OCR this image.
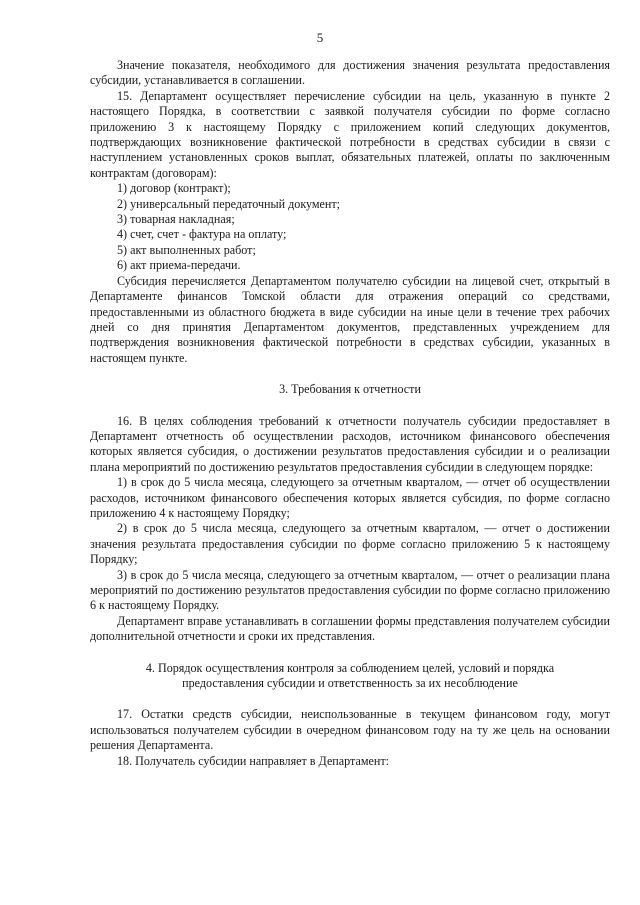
5

Значение показателя, необходимого для достижения значения результата предоставления субсидии, устанавливается в соглашении.

15. Департамент осуществляет перечисление субсидии на цель, указанную в пункте 2 настоящего Порядка, в соответствии с заявкой получателя субсидии по форме согласно приложению 3 к настоящему Порядку с приложением копий следующих документов, подтверждающих возникновение фактической потребности в средствах субсидии в связи с наступлением установленных сроков выплат, обязательных платежей, оплаты по заключенным контрактам (договорам):

1) договор (контракт);

2) универсальный передаточный документ;

3) товарная накладная;

4) счет, счет - фактура на оплату;

5) акт выполненных работ;

6) акт приема-передачи.

Субсидия перечисляется Департаментом получателю субсидии на лицевой счет, открытый в Департаменте финансов Томской области для отражения операций со средствами, предоставленными из областного бюджета в виде субсидии на иные цели в течение трех рабочих дней со дня принятия Департаментом документов, представленных учреждением для подтверждения возникновения фактической потребности в средствах субсидии, указанных в настоящем пункте.

3. Требования к отчетности

16. В целях соблюдения требований к отчетности получатель субсидии предоставляет в Департамент отчетность об осуществлении расходов, источником финансового обеспечения которых является субсидия, о достижении результатов предоставления субсидии и о реализации плана мероприятий по достижению результатов предоставления субсидии в следующем порядке:

1) в срок до 5 числа месяца, следующего за отчетным кварталом, — отчет об осуществлении расходов, источником финансового обеспечения которых является субсидия, по форме согласно приложению 4 к настоящему Порядку;

2) в срок до 5 числа месяца, следующего за отчетным кварталом, — отчет о достижении значения результата предоставления субсидии по форме согласно приложению 5 к настоящему Порядку;

3) в срок до 5 числа месяца, следующего за отчетным кварталом, — отчет о реализации плана мероприятий по достижению результатов предоставления субсидии по форме согласно приложению 6 к настоящему Порядку.

Департамент вправе устанавливать в соглашении формы представления получателем субсидии дополнительной отчетности и сроки их представления.

4. Порядок осуществления контроля за соблюдением целей, условий и порядка

предоставления субсидии и ответственность за их несоблюдение

17. Остатки средств субсидии, неиспользованные в текущем финансовом году, могут использоваться получателем субсидии в очередном финансовом году на ту же цель на основании решения Департамента.

18. Получатель субсидии направляет в Департамент:
